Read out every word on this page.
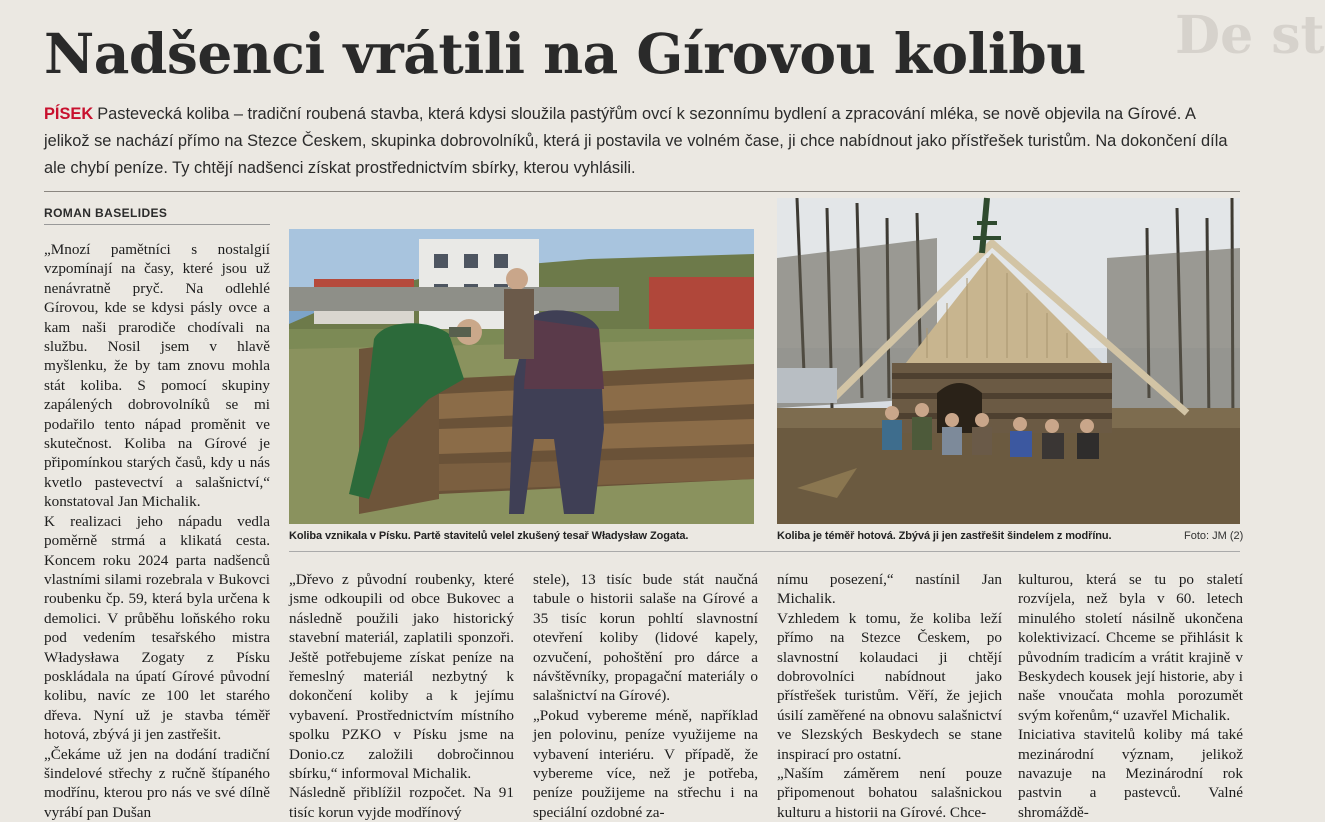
Nadšenci vrátili na Gírovou kolibu	De st

PÍSEK Pastevecká koliba – tradiční roubená stavba, která kdysi sloužila pastýřům ovcí k sezonnímu bydlení a zpracování mléka, se nově objevila na Gírové. A jelikož se nachází přímo na Stezce Českem, skupinka dobrovolníků, která ji postavila ve volném čase, ji chce nabídnout jako přístřešek turistům. Na dokončení díla ale chybí peníze. Ty chtějí nadšenci získat prostřednictvím sbírky, kterou vyhlásili.

ROMAN BASELIDES

„Mnozí pamětníci s nostalgií vzpomínají na časy, které jsou už nenávratně pryč. Na odlehlé Gírovou, kde se kdysi pásly ovce a kam naši prarodiče chodívali na službu. Nosil jsem v hlavě myšlenku, že by tam znovu mohla stát koliba. S pomocí skupiny zapálených dobrovolníků se mi podařilo tento nápad proměnit ve skutečnost. Koliba na Gírové je připomínkou starých časů, kdy u nás kvetlo pastevectví a salašnictví,“ konstatoval Jan Michalik.
K realizaci jeho nápadu vedla poměrně strmá a klikatá cesta. Koncem roku 2024 parta nadšenců vlastními silami rozebrala v Bukovci roubenku čp. 59, která byla určena k demolici. V průběhu loňského roku pod vedením tesařského mistra Władysława Zogaty z Písku poskládala na úpatí Gírové původní kolibu, navíc ze 100 let starého dřeva. Nyní už je stavba téměř hotová, zbývá ji jen zastřešit.
„Čekáme už jen na dodání tradiční šindelové střechy z ručně štípaného modřínu, kterou pro nás ve své dílně vyrábí pan Dušan

Koliba vznikala v Písku. Partě stavitelů velel zkušený tesař Władysław Zogata.	Koliba je téměř hotová. Zbývá ji jen zastřešit šindelem z modřínu.	Foto: JM (2)

„Dřevo z původní roubenky, které jsme odkoupili od obce Bukovec a následně použili jako historický stavební materiál, zaplatili sponzoři. Ještě potřebujeme získat peníze na řemeslný materiál nezbytný k dokončení koliby a k jejímu vybavení. Prostřednictvím místního spolku PZKO v Písku jsme na Donio.cz založili dobročinnou sbírku,“ informoval Michalik.
Následně přiblížil rozpočet. Na 91 tisíc korun vyjde modřínový

stele), 13 tisíc bude stát naučná tabule o historii salaše na Gírové a 35 tisíc korun pohltí slavnostní otevření koliby (lidové kapely, ozvučení, pohoštění pro dárce a návštěvníky, propagační materiály o salašnictví na Gírové).
„Pokud vybereme méně, například jen polovinu, peníze využijeme na vybavení interiéru. V případě, že vybereme více, než je potřeba, peníze použijeme na střechu i na speciální ozdobné za-

nímu posezení,“ nastínil Jan Michalik.
Vzhledem k tomu, že koliba leží přímo na Stezce Českem, po slavnostní kolaudaci ji chtějí dobrovolníci nabídnout jako přístřešek turistům. Věří, že jejich úsilí zaměřené na obnovu salašnictví ve Slezských Beskydech se stane inspirací pro ostatní.
„Naším záměrem není pouze připomenout bohatou salašnickou kulturu a historii na Gírové. Chce-

kulturou, která se tu po staletí rozvíjela, než byla v 60. letech minulého století násilně ukončena kolektivizací. Chceme se přihlásit k původním tradicím a vrátit krajině v Beskydech kousek její historie, aby i naše vnoučata mohla porozumět svým kořenům,“ uzavřel Michalik.
Iniciativa stavitelů koliby má také mezinárodní význam, jelikož navazuje na Mezinárodní rok pastvin a pastevců. Valné shromáždě-
